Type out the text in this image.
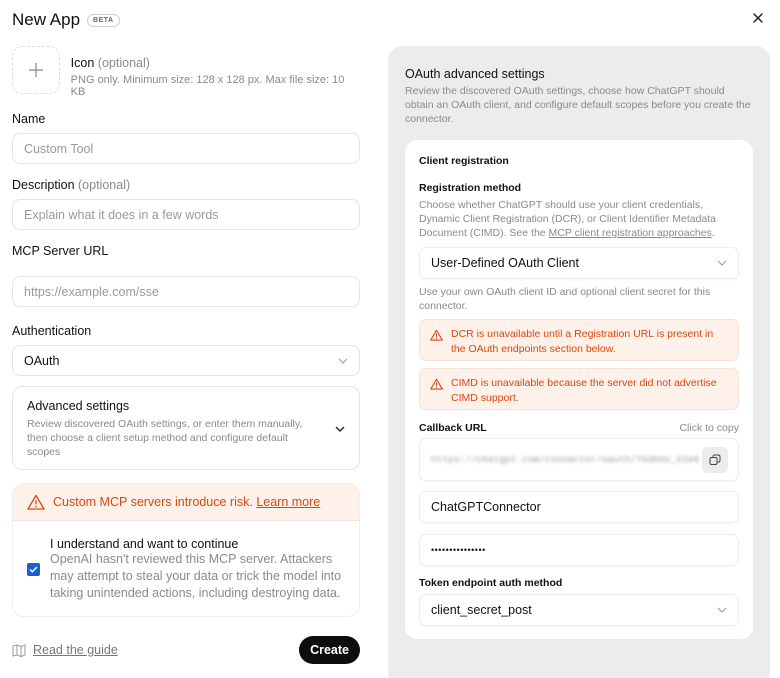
New App	BETA
Icon (optional)
PNG only. Minimum size: 128 x 128 px. Max file size: 10 KB
Name
Custom Tool
Description (optional)
Explain what it does in a few words
MCP Server URL
https://example.com/sse
Authentication
OAuth
Advanced settings
Review discovered OAuth settings, or enter them manually, then choose a client setup method and configure default scopes
Custom MCP servers introduce risk. Learn more
I understand and want to continue
OpenAI hasn't reviewed this MCP server. Attackers may attempt to steal your data or trick the model into taking unintended actions, including destroying data.
Read the guide	Create
OAuth advanced settings
Review the discovered OAuth settings, choose how ChatGPT should obtain an OAuth client, and configure default scopes before you create the connector.
Client registration
Registration method
Choose whether ChatGPT should use your client credentials, Dynamic Client Registration (DCR), or Client Identifier Metadata Document (CIMD). See the MCP client registration approaches.
User-Defined OAuth Client
Use your own OAuth client ID and optional client secret for this connector.
DCR is unavailable until a Registration URL is present in the OAuth endpoints section below.
CIMD is unavailable because the server did not advertise CIMD support.
Callback URL	Click to copy
https://chatgpt.com/connector/oauth/YGdbdv_X2a8
ChatGPTConnector
•••••••••••••••
Token endpoint auth method
client_secret_post
